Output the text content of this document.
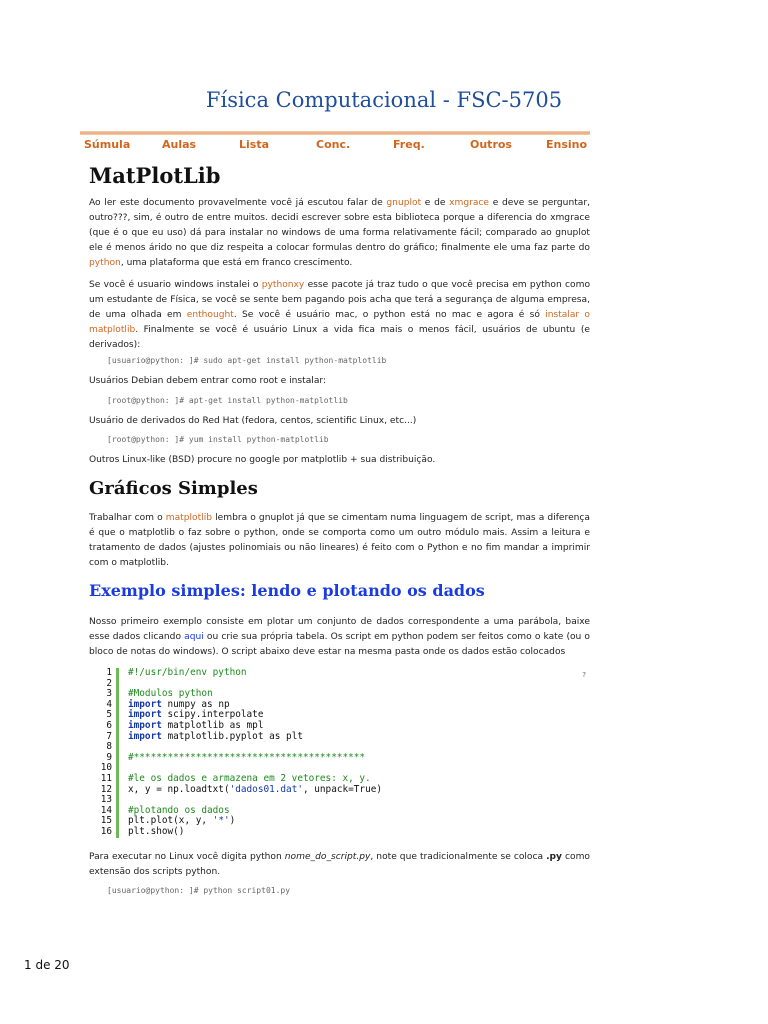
Física Computacional - FSC-5705
Súmula	Aulas	Lista	Conc.	Freq.	Outros	Ensino
MatPlotLib

Ao ler este documento provavelmente você já escutou falar de gnuplot e de xmgrace e deve se perguntar, outro???, sim, é outro de entre muitos. decidi escrever sobre esta biblioteca porque a diferencia do xmgrace (que é o que eu uso) dá para instalar no windows de uma forma relativamente fácil; comparado ao gnuplot ele é menos árido no que diz respeita a colocar formulas dentro do gráfico; finalmente ele uma faz parte do python, uma plataforma que está em franco crescimento.

Se você é usuario windows instalei o pythonxy esse pacote já traz tudo o que você precisa em python como um estudante de Física, se você se sente bem pagando pois acha que terá a segurança de alguma empresa, de uma olhada em enthought. Se você é usuário mac, o python está no mac e agora é só instalar o matplotlib. Finalmente se você é usuário Linux a vida fica mais o menos fácil, usuários de ubuntu (e derivados):

[usuario@python: ]# sudo apt-get install python-matplotlib

Usuários Debian debem entrar como root e instalar:

[root@python: ]# apt-get install python-matplotlib

Usuário de derivados do Red Hat (fedora, centos, scientific Linux, etc...)

[root@python: ]# yum install python-matplotlib

Outros Linux-like (BSD) procure no google por matplotlib + sua distribuição.

Gráficos Simples

Trabalhar com o matplotlib lembra o gnuplot já que se cimentam numa linguagem de script, mas a diferença é que o matplotlib o faz sobre o python, onde se comporta como um outro módulo mais. Assim a leitura e tratamento de dados (ajustes polinomiais ou não lineares) é feito com o Python e no fim mandar a imprimir com o matplotlib.

Exemplo simples: lendo e plotando os dados

Nosso primeiro exemplo consiste em plotar um conjunto de dados correspondente a uma parábola, baixe esse dados clicando aqui ou crie sua própria tabela. Os script em python podem ser feitos como o kate (ou o bloco de notas do windows). O script abaixo deve estar na mesma pasta onde os dados estão colocados

1
2
3
4
5
6
7
8
9
10
11
12
13
14
15
16
#!/usr/bin/env python
#Modulos python
import numpy as np
import scipy.interpolate
import matplotlib as mpl
import matplotlib.pyplot as plt
#*****************************************
#le os dados e armazena em 2 vetores: x, y.
x, y = np.loadtxt('dados01.dat', unpack=True)
#plotando os dados
plt.plot(x, y, '*')
plt.show()
?

Para executar no Linux você digita python nome_do_script.py, note que tradicionalmente se coloca .py como extensão dos scripts python.

[usuario@python: ]# python script01.py
1 de 20
